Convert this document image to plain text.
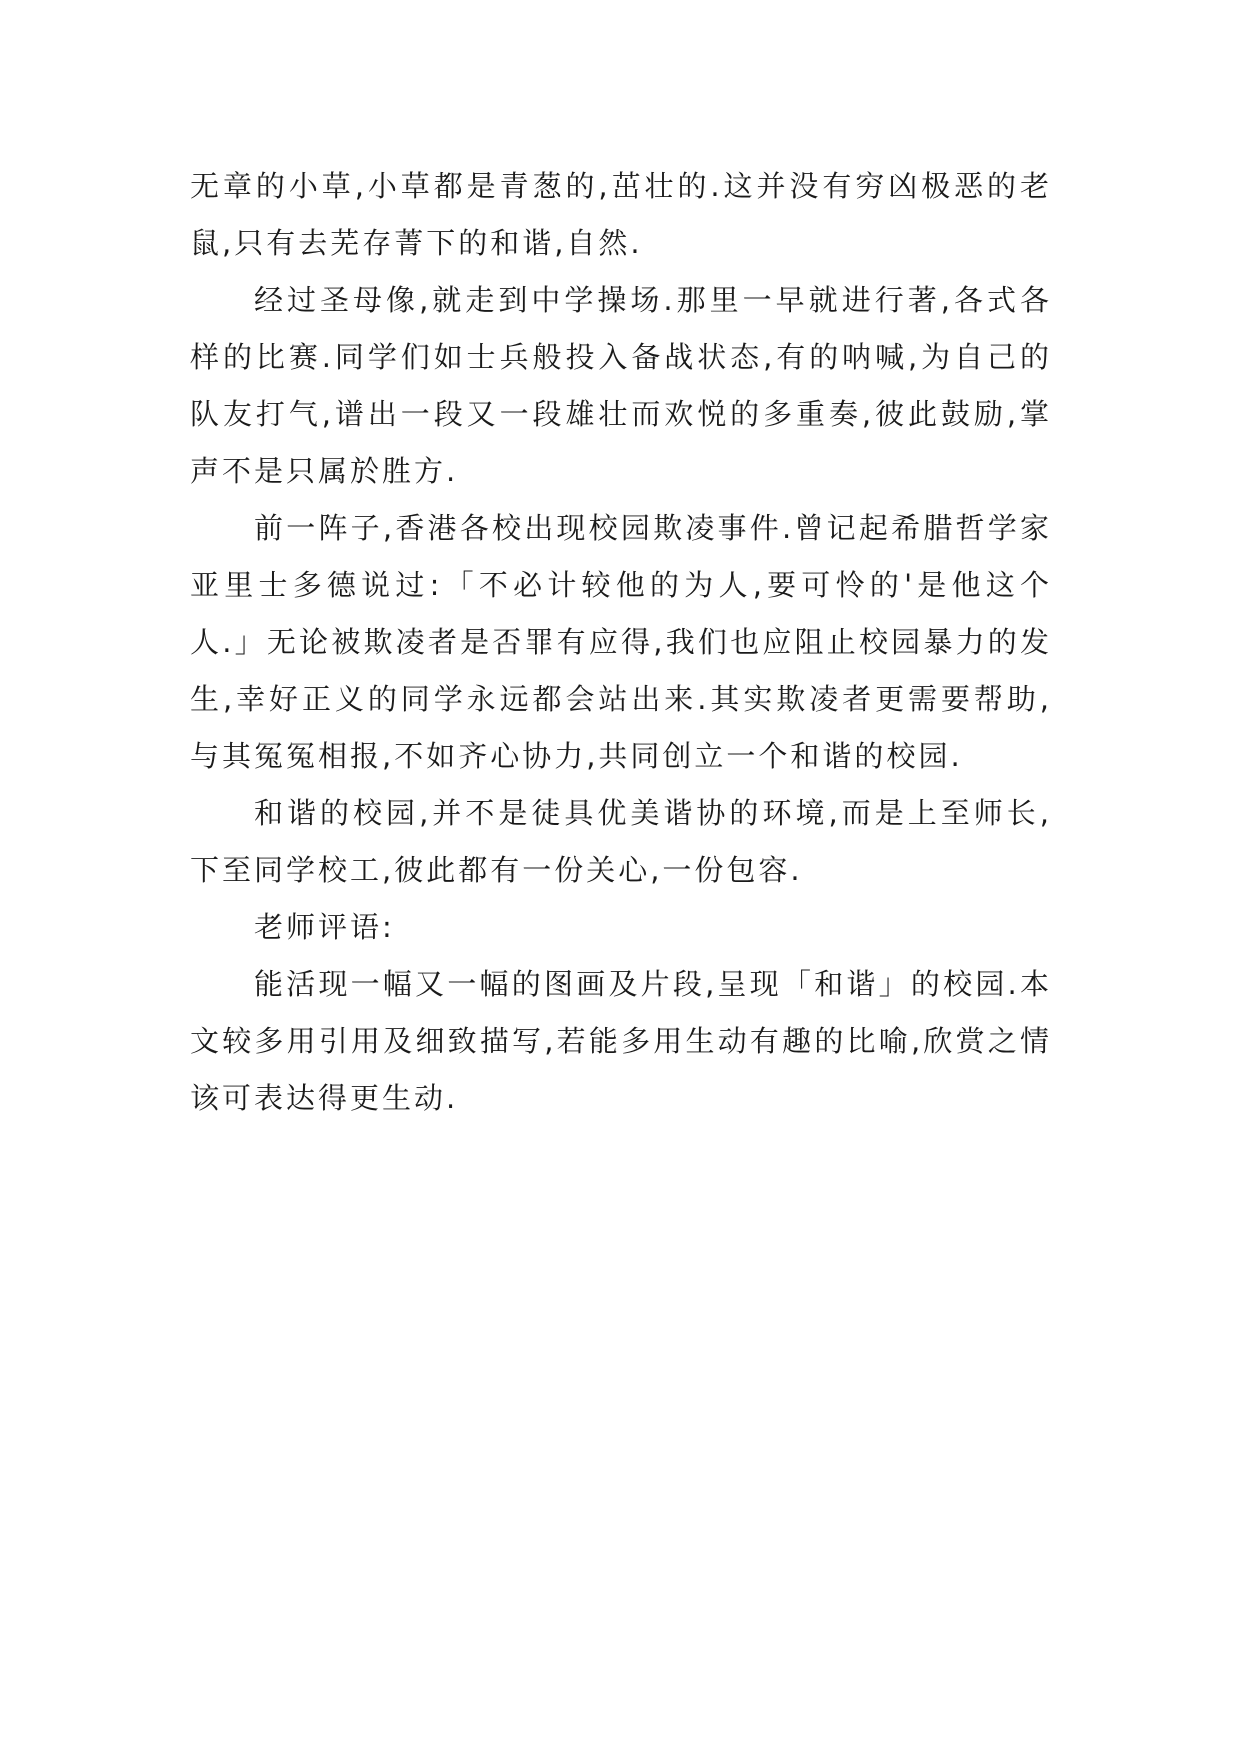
无章的小草,小草都是青葱的,茁壮的.这并没有穷凶极恶的老鼠,只有去芜存菁下的和谐,自然.

经过圣母像,就走到中学操场.那里一早就进行著,各式各样的比赛.同学们如士兵般投入备战状态,有的呐喊,为自己的队友打气,谱出一段又一段雄壮而欢悦的多重奏,彼此鼓励,掌声不是只属於胜方.

前一阵子,香港各校出现校园欺凌事件.曾记起希腊哲学家亚里士多德说过:「不必计较他的为人,要可怜的'是他这个人.」无论被欺凌者是否罪有应得,我们也应阻止校园暴力的发生,幸好正义的同学永远都会站出来.其实欺凌者更需要帮助,与其冤冤相报,不如齐心协力,共同创立一个和谐的校园.

和谐的校园,并不是徒具优美谐协的环境,而是上至师长,下至同学校工,彼此都有一份关心,一份包容.

老师评语:

能活现一幅又一幅的图画及片段,呈现「和谐」的校园.本文较多用引用及细致描写,若能多用生动有趣的比喻,欣赏之情该可表达得更生动.
